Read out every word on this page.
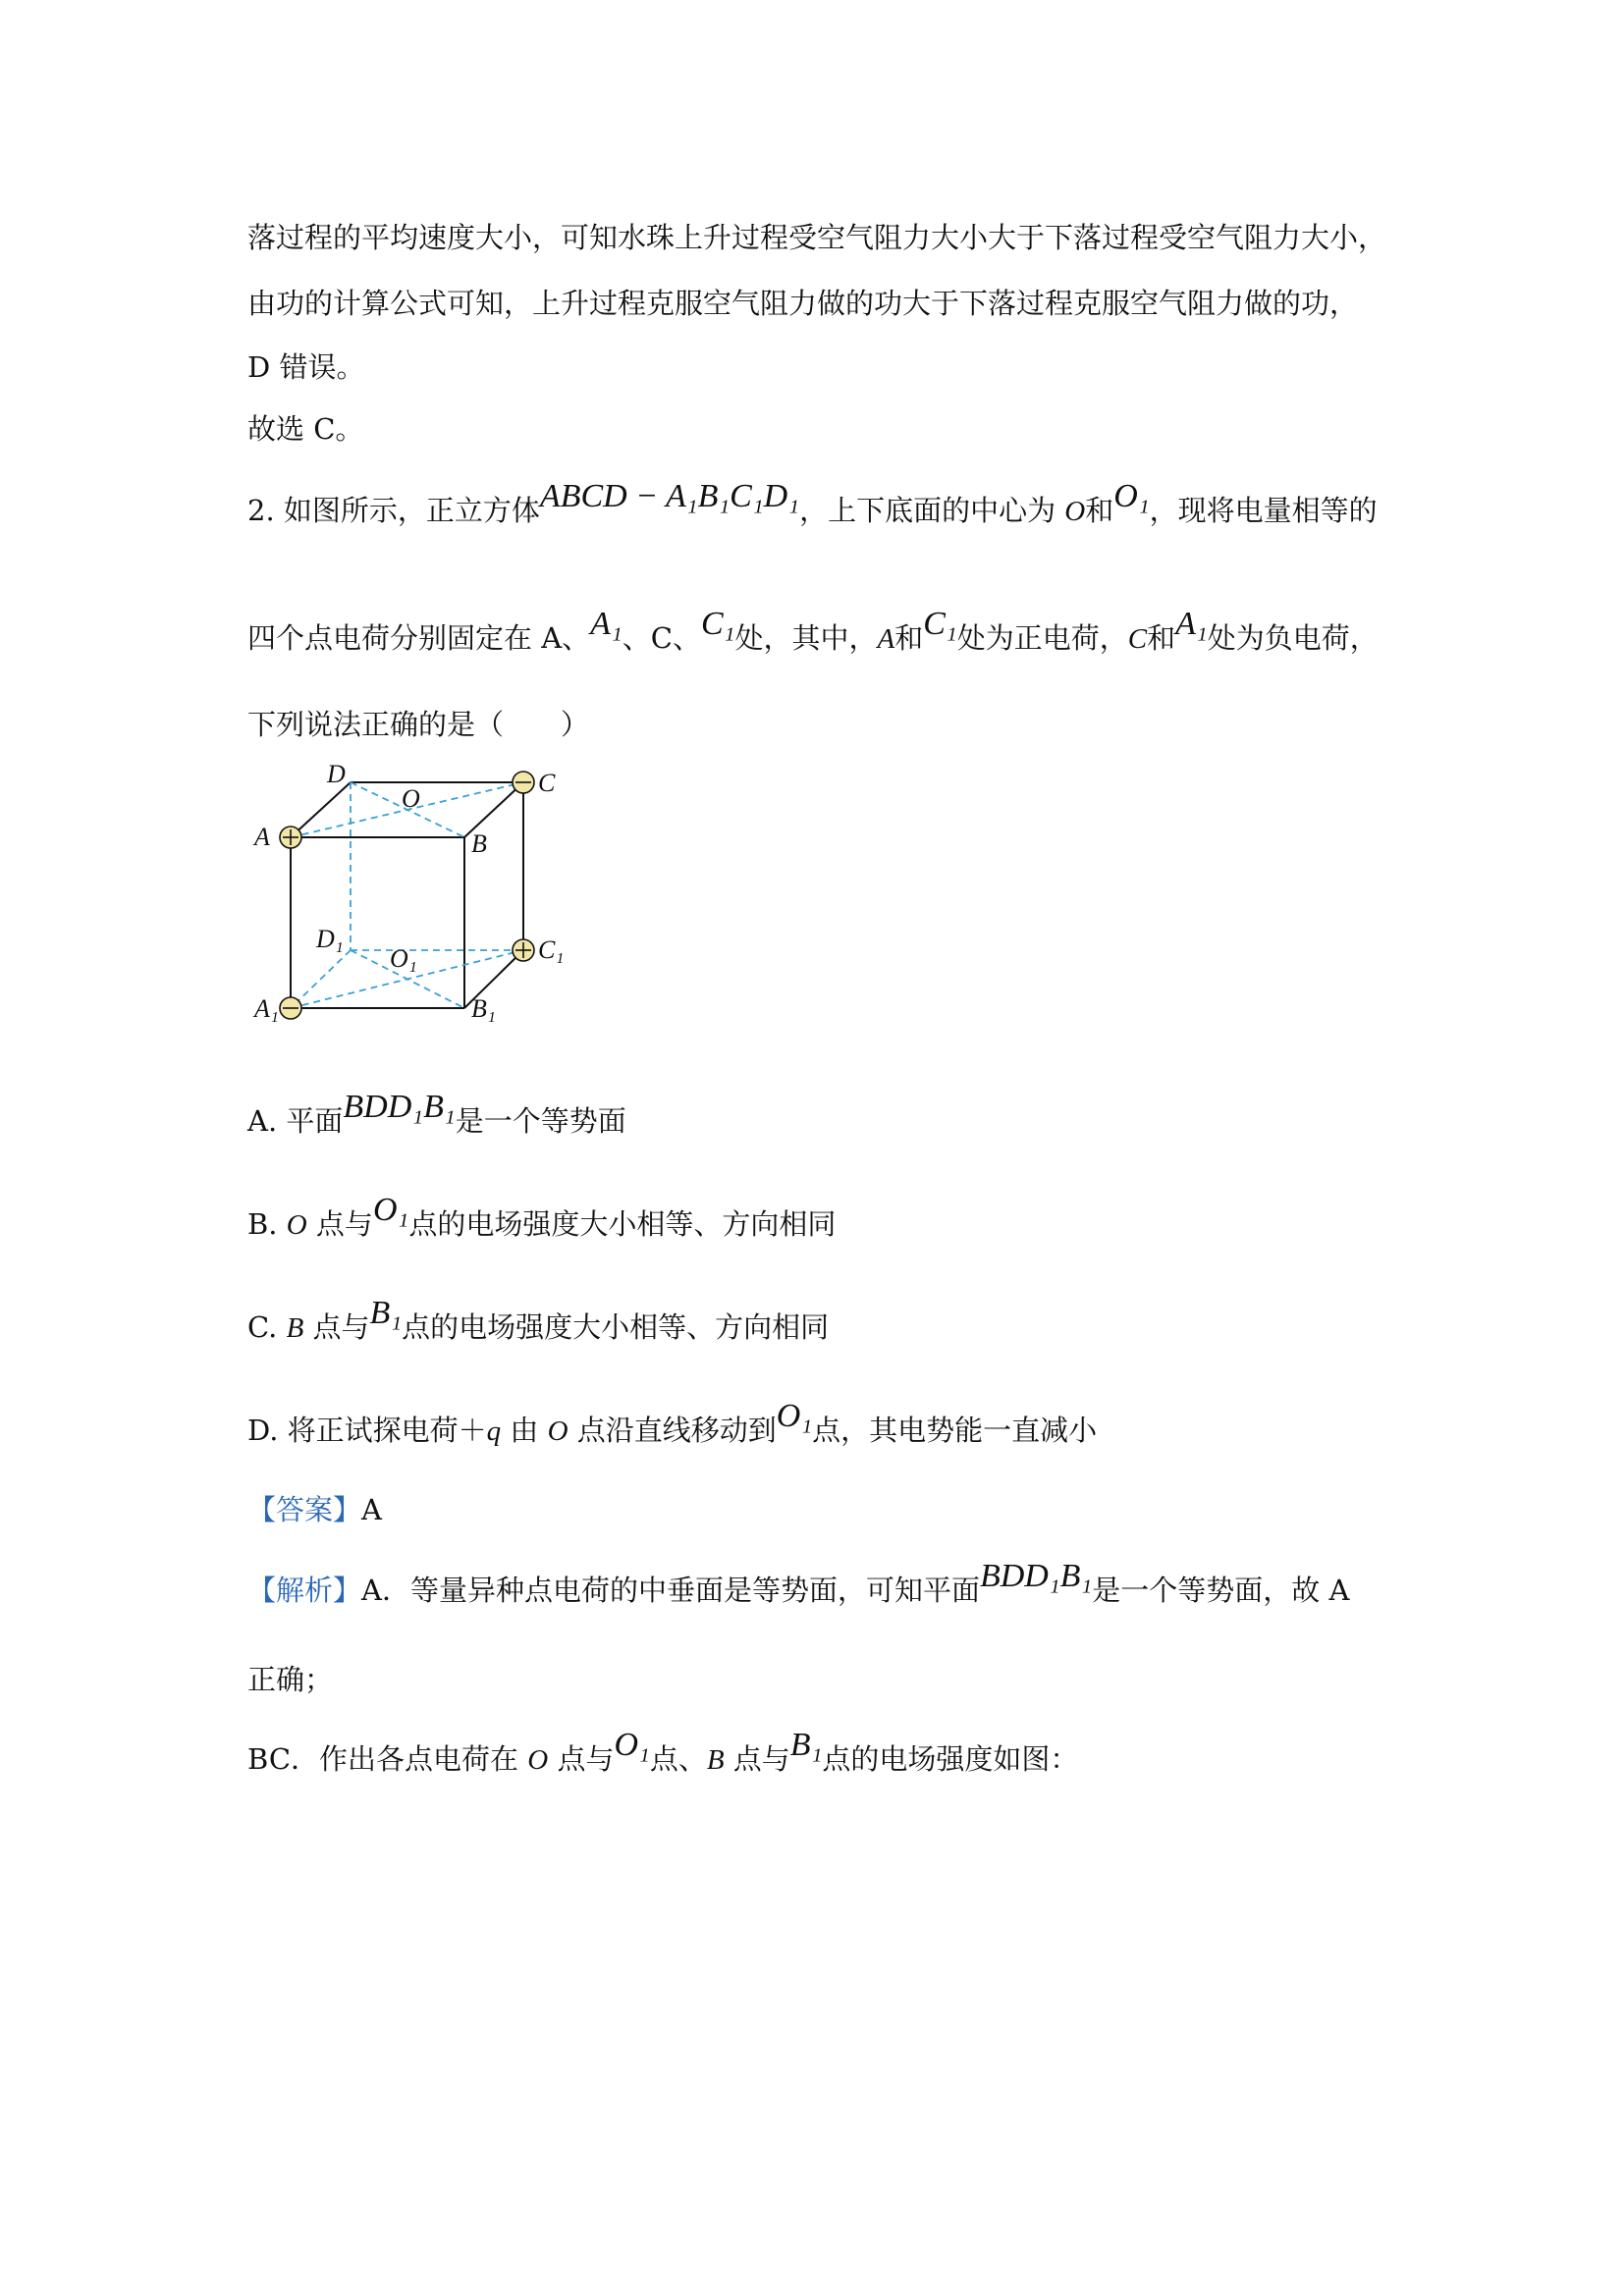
落过程的平均速度大小，可知水珠上升过程受空气阻力大小大于下落过程受空气阻力大小，
由功的计算公式可知，上升过程克服空气阻力做的功大于下落过程克服空气阻力做的功，
D 错误。
故选 C。
2. 如图所示，正立方体ABCD − A₁B₁C₁D₁，上下底面的中心为 O和O₁，现将电量相等的
四个点电荷分别固定在 A、A₁、C、C₁处，其中，A和C₁处为正电荷，C和A₁处为负电荷，
下列说法正确的是（　　）
D
O
C
A	B
D₁
O₁	C₁
A₁	B₁
A. 平面BDD₁B₁是一个等势面
B. O 点与O₁点的电场强度大小相等、方向相同
C. B 点与B₁点的电场强度大小相等、方向相同
D. 将正试探电荷＋q 由 O 点沿直线移动到O₁点，其电势能一直减小
【答案】A
【解析】A．等量异种点电荷的中垂面是等势面，可知平面BDD₁B₁是一个等势面，故 A
正确；
BC．作出各点电荷在 O 点与O₁点、B 点与B₁点的电场强度如图：
